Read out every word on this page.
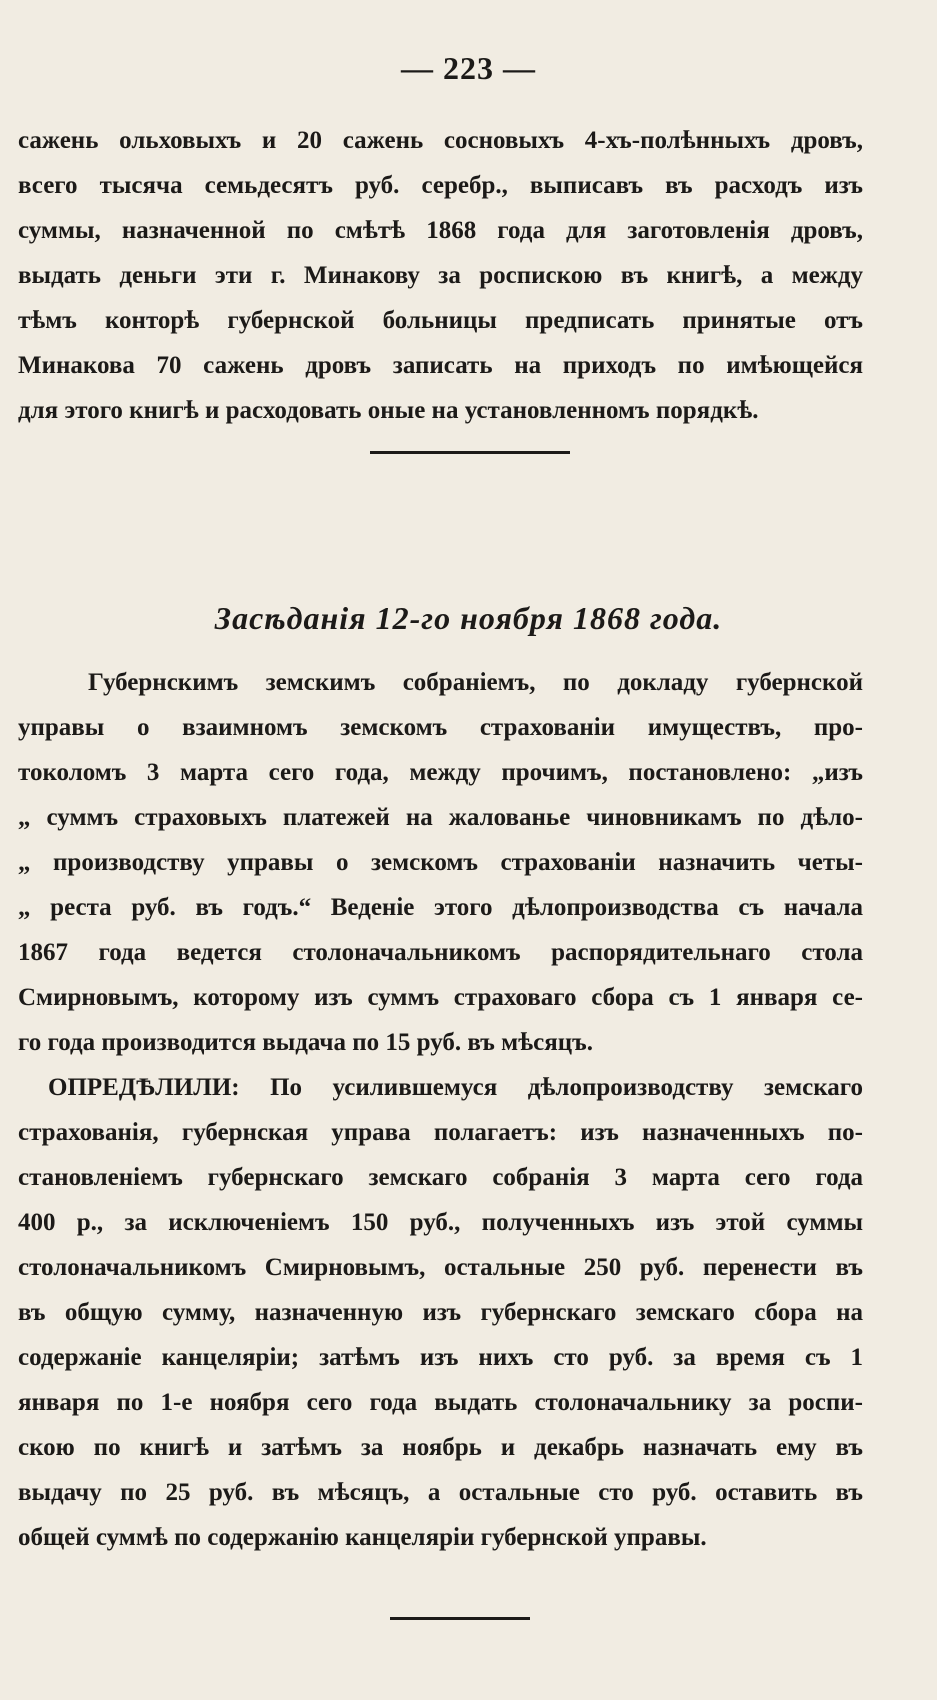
— 223 —
сажень ольховыхъ и 20 сажень сосновыхъ 4-хъ-полѣнныхъ дровъ,
всего тысяча семьдесятъ руб. серебр., выписавъ въ расходъ изъ
суммы, назначенной по смѣтѣ 1868 года для заготовленія дровъ,
выдать деньги эти г. Минакову за роспискою въ книгѣ, а между
тѣмъ конторѣ губернской больницы предписать принятые отъ
Минакова 70 сажень дровъ записать на приходъ по имѣющейся
для этого книгѣ и расходовать оные на установленномъ порядкѣ.
Засѣданія 12-го ноября 1868 года.
Губернскимъ земскимъ собраніемъ, по докладу губернской
управы о взаимномъ земскомъ страхованіи имуществъ, про-
токоломъ 3 марта сего года, между прочимъ, постановлено: „изъ
„ суммъ страховыхъ платежей на жалованье чиновникамъ по дѣло-
„ производству управы о земскомъ страхованіи назначить четы-
„ реста руб. въ годъ.“ Веденіе этого дѣлопроизводства съ начала
1867 года ведется столоначальникомъ распорядительнаго стола
Смирновымъ, которому изъ суммъ страховаго сбора съ 1 января се-
го года производится выдача по 15 руб. въ мѣсяцъ.
ОПРЕДѢЛИЛИ: По усилившемуся дѣлопроизводству земскаго
страхованія, губернская управа полагаетъ: изъ назначенныхъ по-
становленіемъ губернскаго земскаго собранія 3 марта сего года
400 р., за исключеніемъ 150 руб., полученныхъ изъ этой суммы
столоначальникомъ Смирновымъ, остальные 250 руб. перенести въ
въ общую сумму, назначенную изъ губернскаго земскаго сбора на
содержаніе канцеляріи; затѣмъ изъ нихъ сто руб. за время съ 1
января по 1-е ноября сего года выдать столоначальнику за роспи-
скою по книгѣ и затѣмъ за ноябрь и декабрь назначать ему въ
выдачу по 25 руб. въ мѣсяцъ, а остальные сто руб. оставить въ
общей суммѣ по содержанію канцеляріи губернской управы.
